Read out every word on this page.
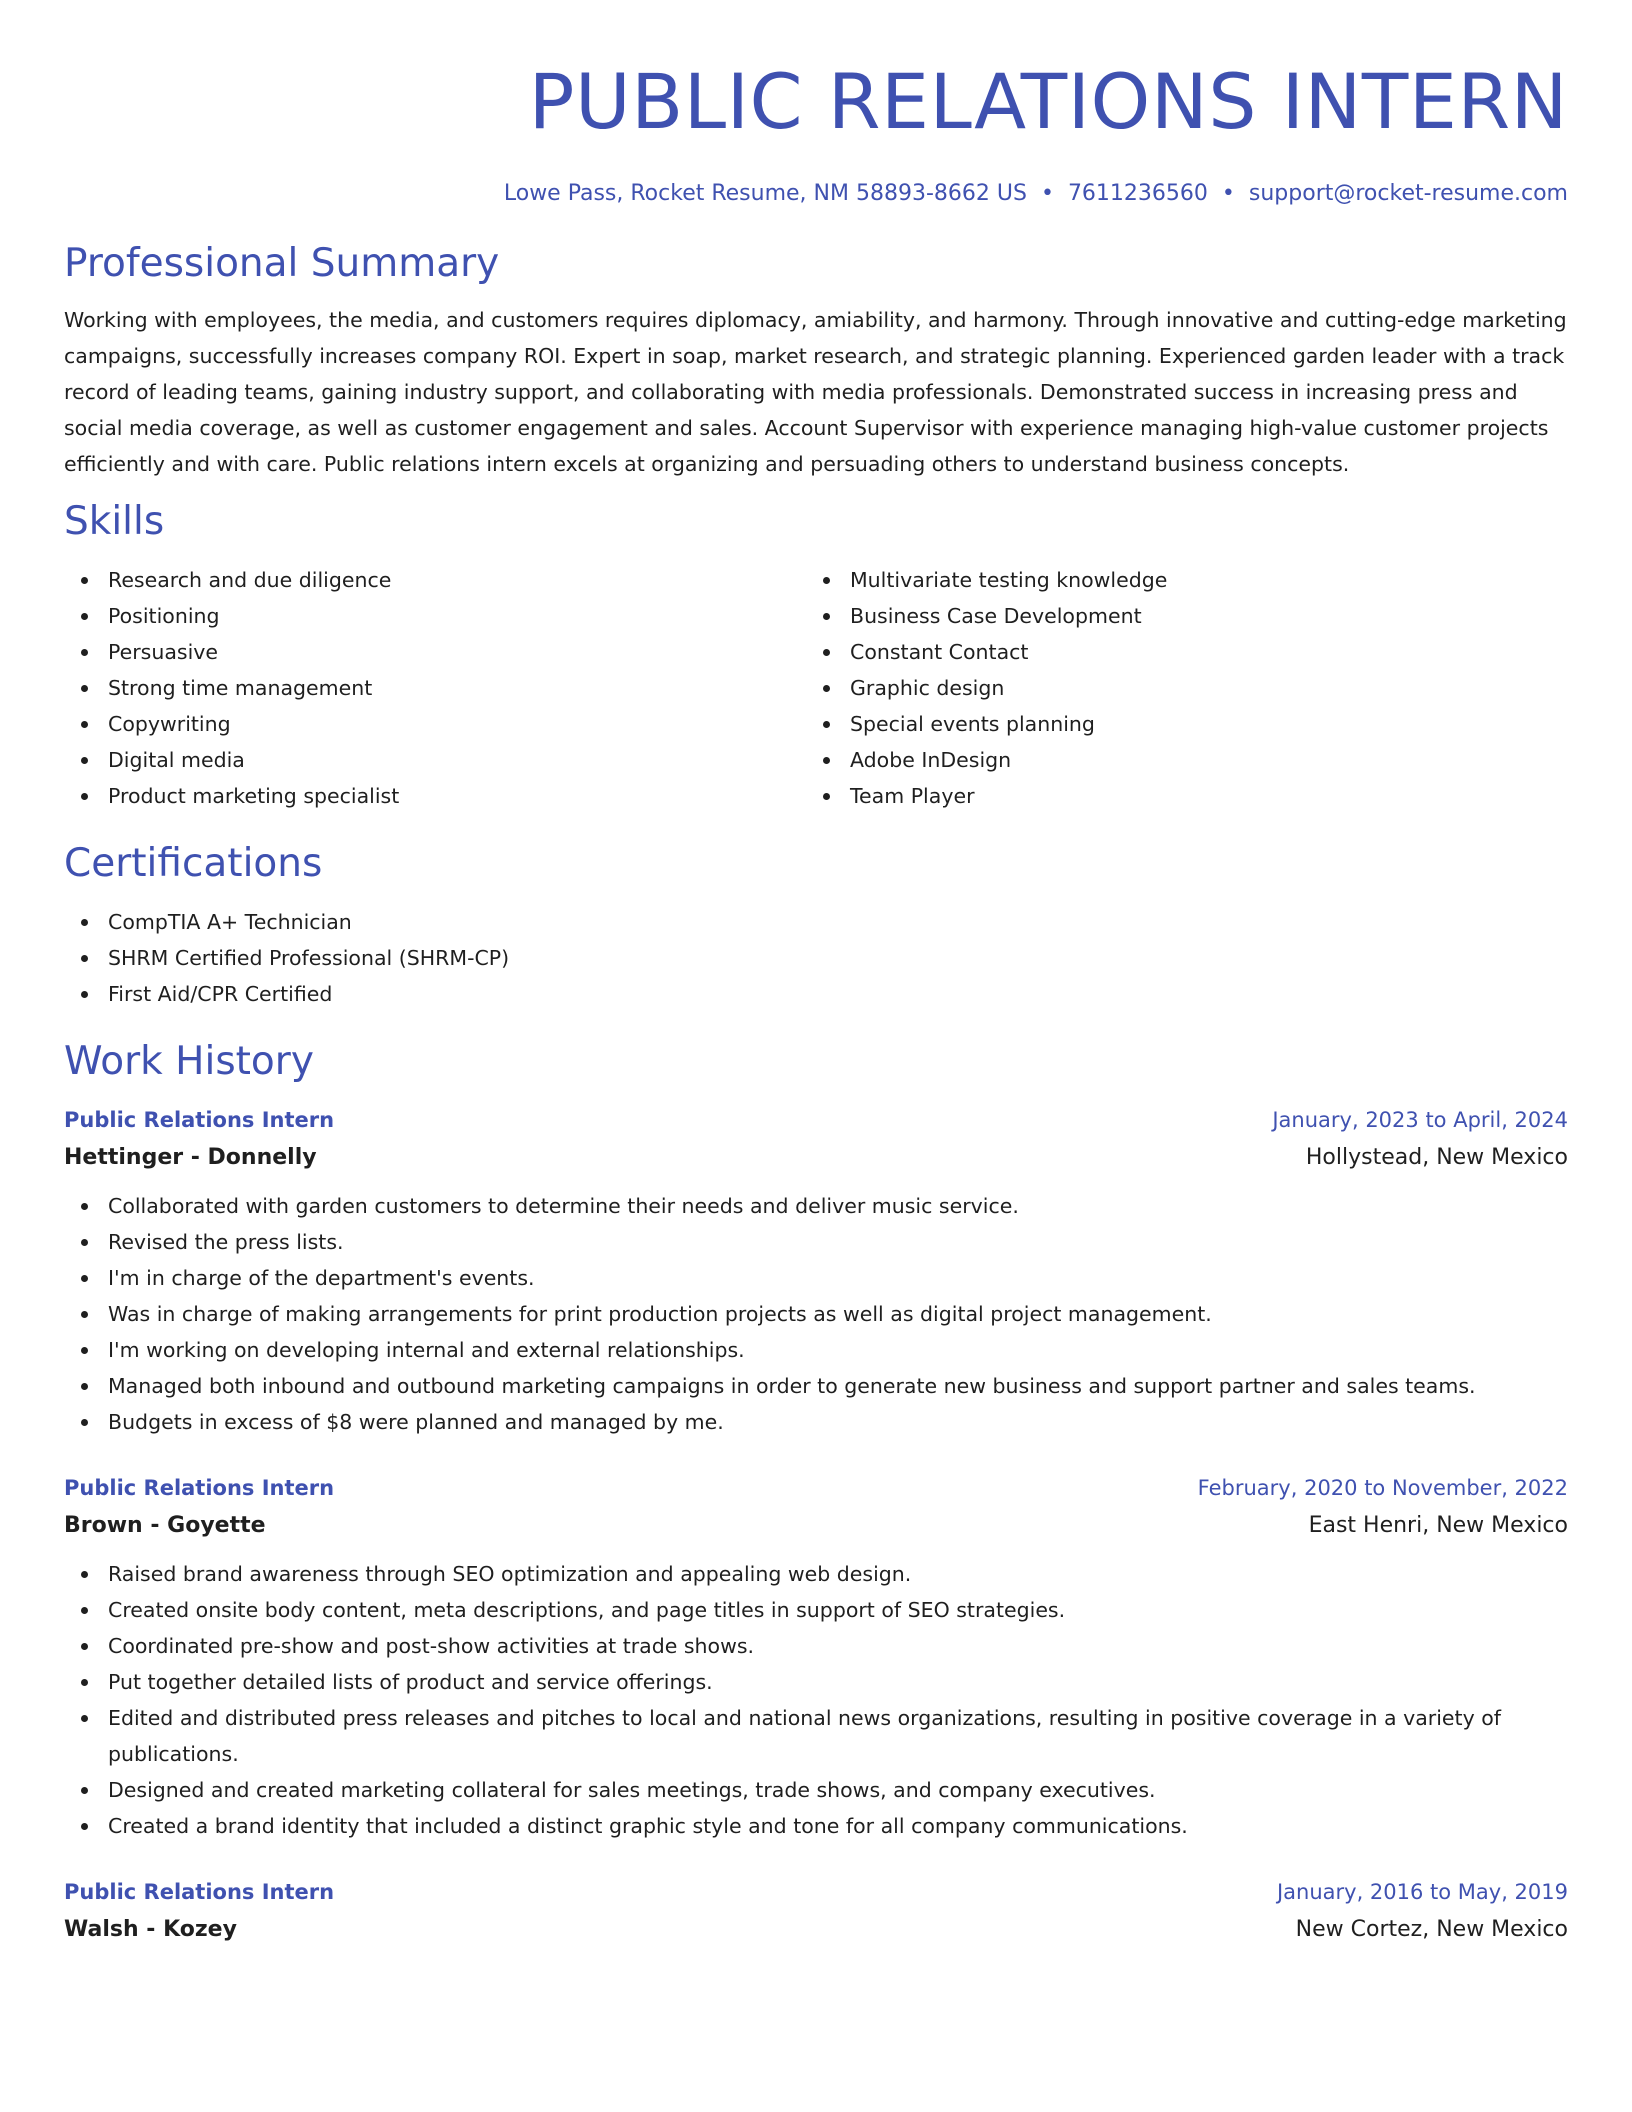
PUBLIC RELATIONS INTERN
Lowe Pass, Rocket Resume, NM 58893-8662 US • 7611236560 • support@rocket-resume.com
Professional Summary

Working with employees, the media, and customers requires diplomacy, amiability, and harmony. Through innovative and cutting-edge marketing campaigns, successfully increases company ROI. Expert in soap, market research, and strategic planning. Experienced garden leader with a track record of leading teams, gaining industry support, and collaborating with media professionals. Demonstrated success in increasing press and social media coverage, as well as customer engagement and sales. Account Supervisor with experience managing high-value customer projects efficiently and with care. Public relations intern excels at organizing and persuading others to understand business concepts.

Skills
Research and due diligence
Positioning
Persuasive
Strong time management
Copywriting
Digital media
Product marketing specialist
Multivariate testing knowledge
Business Case Development
Constant Contact
Graphic design
Special events planning
Adobe InDesign
Team Player
Certifications
CompTIA A+ Technician
SHRM Certified Professional (SHRM-CP)
First Aid/CPR Certified
Work History
Public Relations Intern	January, 2023 to April, 2024
Hettinger - Donnelly	Hollystead, New Mexico
Collaborated with garden customers to determine their needs and deliver music service.
Revised the press lists.
I'm in charge of the department's events.
Was in charge of making arrangements for print production projects as well as digital project management.
I'm working on developing internal and external relationships.
Managed both inbound and outbound marketing campaigns in order to generate new business and support partner and sales teams.
Budgets in excess of $8 were planned and managed by me.
Public Relations Intern	February, 2020 to November, 2022
Brown - Goyette	East Henri, New Mexico
Raised brand awareness through SEO optimization and appealing web design.
Created onsite body content, meta descriptions, and page titles in support of SEO strategies.
Coordinated pre-show and post-show activities at trade shows.
Put together detailed lists of product and service offerings.
Edited and distributed press releases and pitches to local and national news organizations, resulting in positive coverage in a variety of publications.
Designed and created marketing collateral for sales meetings, trade shows, and company executives.
Created a brand identity that included a distinct graphic style and tone for all company communications.
Public Relations Intern	January, 2016 to May, 2019
Walsh - Kozey	New Cortez, New Mexico
